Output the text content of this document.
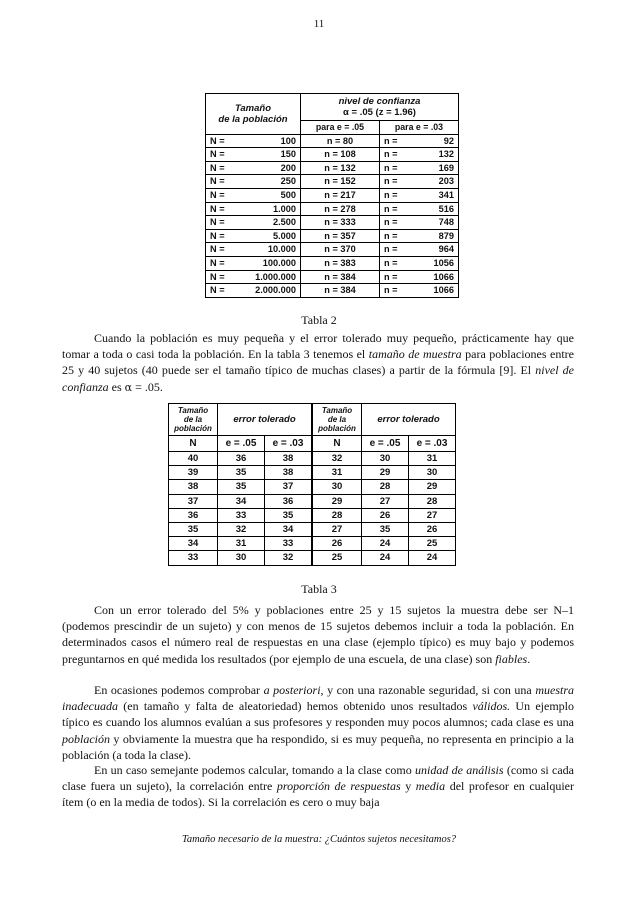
11
Tamaño
de la población	nivel de confianza
α = .05 (z = 1.96)	
	para e = .05	para e = .03

N = 100	n = 80	n = 92

N = 150	n = 108	n = 132

N = 200	n = 132	n = 169

N = 250	n = 152	n = 203

N = 500	n = 217	n = 341

N = 1.000	n = 278	n = 516

N = 2.500	n = 333	n = 748

N = 5.000	n = 357	n = 879

N = 10.000	n = 370	n = 964

N = 100.000	n = 383	n = 1056

N = 1.000.000	n = 384	n = 1066

N = 2.000.000	n = 384	n = 1066
Tabla 2

Cuando la población es muy pequeña y el error tolerado muy pequeño, prácticamente hay que tomar a toda o casi toda la población. En la tabla 3 tenemos el tamaño de muestra para poblaciones entre 25 y 40 sujetos (40 puede ser el tamaño típico de muchas clases) a partir de la fórmula [9]. El nivel de confianza es α = .05.

Tamaño
de la
población	error tolerado		Tamaño
de la
población	error tolerado	
N	e = .05	e = .03	N	e = .05	e = .03
40	36	38	32	30	31
39	35	38	31	29	30
38	35	37	30	28	29
37	34	36	29	27	28
36	33	35	28	26	27
35	32	34	27	35	26
34	31	33	26	24	25
33	30	32	25	24	24
Tabla 3

Con un error tolerado del 5% y poblaciones entre 25 y 15 sujetos la muestra debe ser N–1 (podemos prescindir de un sujeto) y con menos de 15 sujetos debemos incluir a toda la población. En determinados casos el número real de respuestas en una clase (ejemplo típico) es muy bajo y podemos preguntarnos en qué medida los resultados (por ejemplo de una escuela, de una clase) son fiables.

En ocasiones podemos comprobar a posteriori, y con una razonable seguridad, si con una muestra inadecuada (en tamaño y falta de aleatoriedad) hemos obtenido unos resultados válidos. Un ejemplo típico es cuando los alumnos evalúan a sus profesores y responden muy pocos alumnos; cada clase es una población y obviamente la muestra que ha respondido, si es muy pequeña, no representa en principio a la población (a toda la clase).

En un caso semejante podemos calcular, tomando a la clase como unidad de análisis (como si cada clase fuera un sujeto), la correlación entre proporción de respuestas y media del profesor en cualquier ítem (o en la media de todos). Si la correlación es cero o muy baja

Tamaño necesario de la muestra: ¿Cuántos sujetos necesitamos?
